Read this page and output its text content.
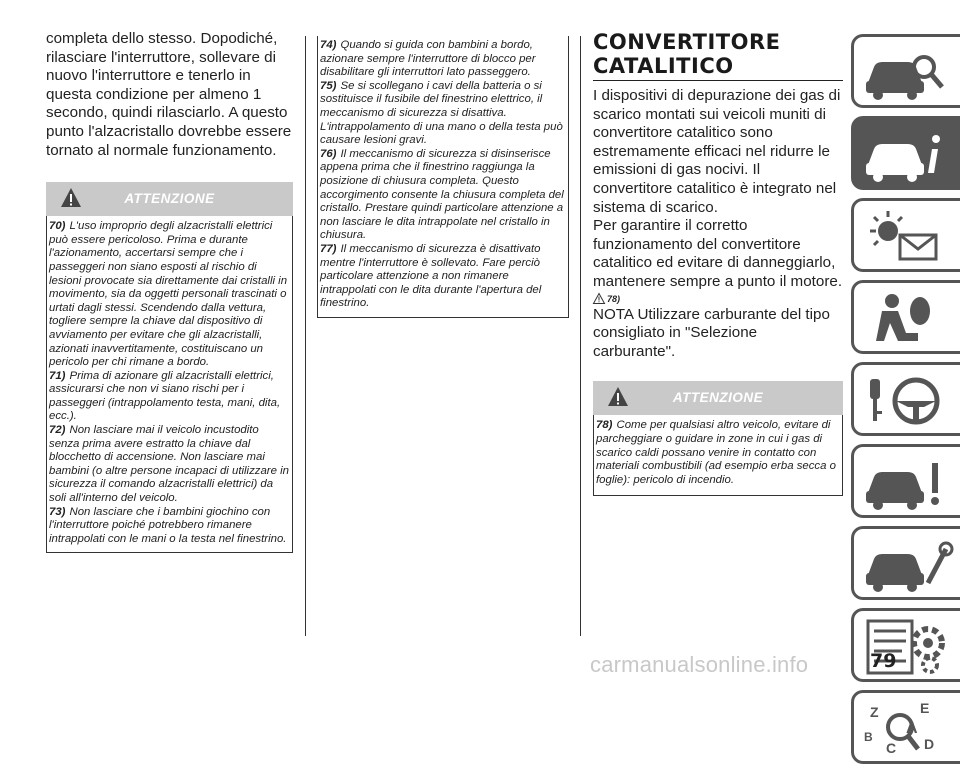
completa dello stesso. Dopodiché, rilasciare l'interruttore, sollevare di nuovo l'interruttore e tenerlo in questa condizione per almeno 1 secondo, quindi rilasciarlo. A questo punto l'alzacristallo dovrebbe essere tornato al normale funzionamento.

ATTENZIONE

70) L'uso improprio degli alzacristalli elettrici può essere pericoloso. Prima e durante l'azionamento, accertarsi sempre che i passeggeri non siano esposti al rischio di lesioni provocate sia direttamente dai cristalli in movimento, sia da oggetti personali trascinati o urtati dagli stessi. Scendendo dalla vettura, togliere sempre la chiave dal dispositivo di avviamento per evitare che gli alzacristalli, azionati inavvertitamente, costituiscano un pericolo per chi rimane a bordo.

71) Prima di azionare gli alzacristalli elettrici, assicurarsi che non vi siano rischi per i passeggeri (intrappolamento testa, mani, dita, ecc.).

72) Non lasciare mai il veicolo incustodito senza prima avere estratto la chiave dal blocchetto di accensione. Non lasciare mai bambini (o altre persone incapaci di utilizzare in sicurezza il comando alzacristalli elettrici) da soli all'interno del veicolo.

73) Non lasciare che i bambini giochino con l'interruttore poiché potrebbero rimanere intrappolati con le mani o la testa nel finestrino.

74) Quando si guida con bambini a bordo, azionare sempre l'interruttore di blocco per disabilitare gli interruttori lato passeggero.

75) Se si scollegano i cavi della batteria o si sostituisce il fusibile del finestrino elettrico, il meccanismo di sicurezza si disattiva. L'intrappolamento di una mano o della testa può causare lesioni gravi.

76) Il meccanismo di sicurezza si disinserisce appena prima che il finestrino raggiunga la posizione di chiusura completa. Questo accorgimento consente la chiusura completa del cristallo. Prestare quindi particolare attenzione a non lasciare le dita intrappolate nel cristallo in chiusura.

77) Il meccanismo di sicurezza è disattivato mentre l'interruttore è sollevato. Fare perciò particolare attenzione a non rimanere intrappolati con le dita durante l'apertura del finestrino.

CONVERTITORE
CATALITICO

I dispositivi di depurazione dei gas di scarico montati sui veicoli muniti di convertitore catalitico sono estremamente efficaci nel ridurre le emissioni di gas nocivi. Il convertitore catalitico è integrato nel sistema di scarico.

Per garantire il corretto funzionamento del convertitore catalitico ed evitare di danneggiarlo, mantenere sempre a punto il motore.

78)

NOTA Utilizzare carburante del tipo consigliato in "Selezione carburante".

ATTENZIONE

78) Come per qualsiasi altro veicolo, evitare di parcheggiare o guidare in zone in cui i gas di scarico caldi possano venire in contatto con materiali combustibili (ad esempio erba secca o foglie): pericolo di incendio.

Z	E
A
B
C D
carmanualsonline.info	79
